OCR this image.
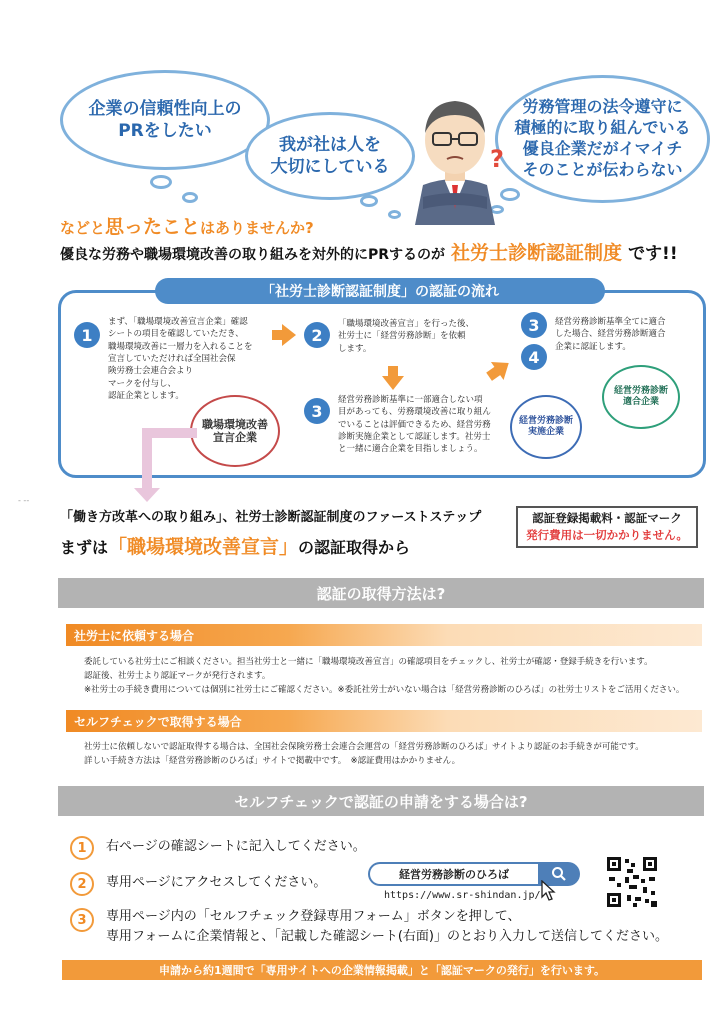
企業の信頼性向上の
PRをしたい
我が社は人を
大切にしている
労務管理の法令遵守に
積極的に取り組んでいる
優良企業だがイマイチ
そのことが伝わらない
?
などと思ったことはありませんか?
優良な労務や職場環境改善の取り組みを対外的にPRするのが 社労士診断認証制度 です!!
「社労士診断認証制度」の認証の流れ
1
まず、「職場環境改善宣言企業」確認
シートの項目を確認していただき、
職場環境改善に一層力を入れることを
宣言していただければ全国社会保
険労務士会連合会より
マークを付与し、
認証企業とします。
2
「職場環境改善宣言」を行った後、
社労士に「経営労務診断」を依頼
します。
3
経営労務診断基準に一部適合しない項
目があっても、労務環境改善に取り組ん
でいることは評価できるため、経営労務
診断実施企業として認証します。社労士
と一緒に適合企業を目指しましょう。
3
4
経営労務診断基準全てに適合
した場合、経営労務診断適合
企業に認証します。
職場環境改善
宣言企業
経営労務診断
実施企業
経営労務診断
適合企業
- --
「働き方改革への取り組み」、社労士診断認証制度のファーストステップ
まずは「職場環境改善宣言」の認証取得から
認証登録掲載料・認証マーク
発行費用は一切かかりません。
認証の取得方法は?
社労士に依頼する場合
委託している社労士にご相談ください。担当社労士と一緒に「職場環境改善宣言」の確認項目をチェックし、社労士が確認・登録手続きを行います。
認証後、社労士より認証マークが発行されます。
※社労士の手続き費用については個別に社労士にご確認ください。※委託社労士がいない場合は「経営労務診断のひろば」の社労士リストをご活用ください。
セルフチェックで取得する場合
社労士に依頼しないで認証取得する場合は、全国社会保険労務士会連合会運営の「経営労務診断のひろば」サイトより認証のお手続きが可能です。
詳しい手続き方法は「経営労務診断のひろば」サイトで掲載中です。　※認証費用はかかりません。
セルフチェックで認証の申請をする場合は?
1	右ページの確認シートに記入してください。
2	専用ページにアクセスしてください。
経営労務診断のひろば
https://www.sr-shindan.jp/
3	専用ページ内の「セルフチェック登録専用フォーム」ボタンを押して、
専用フォームに企業情報と、「記載した確認シート(右面)」のとおり入力して送信してください。
申請から約1週間で「専用サイトへの企業情報掲載」と「認証マークの発行」を行います。
